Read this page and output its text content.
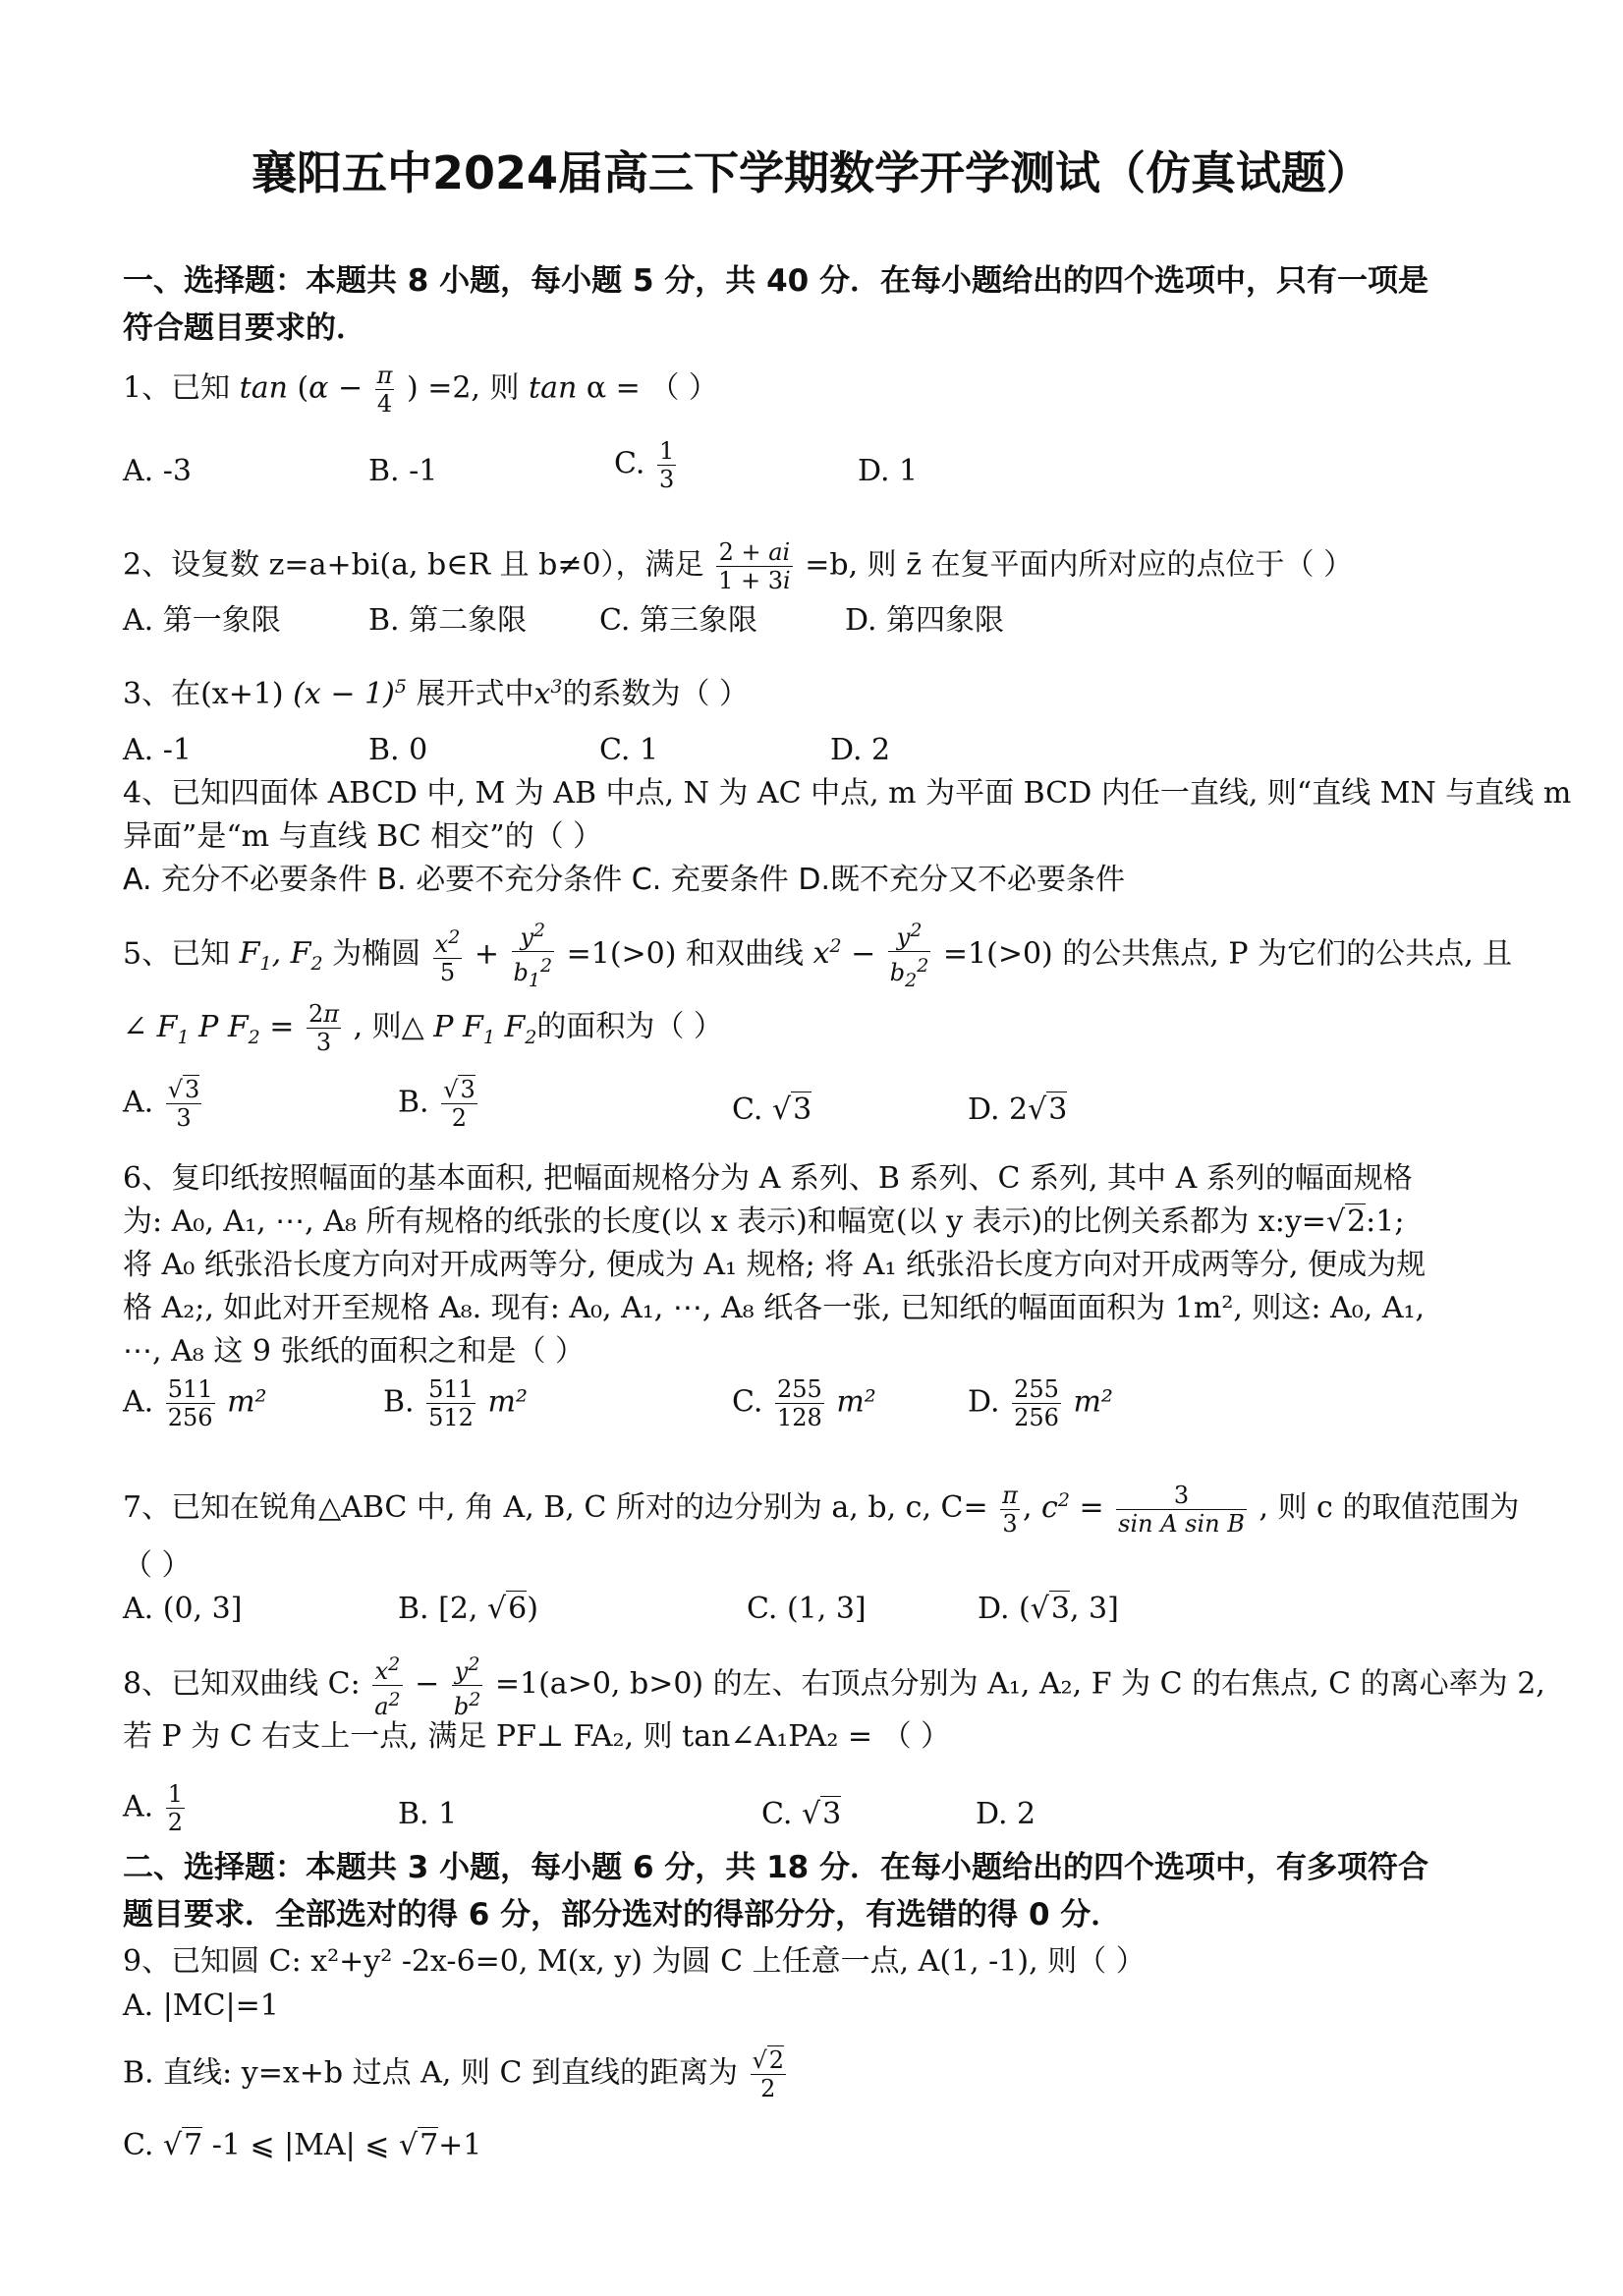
襄阳五中2024届高三下学期数学开学测试（仿真试题）
一、选择题：本题共 8 小题，每小题 5 分，共 40 分．在每小题给出的四个选项中，只有一项是
符合题目要求的．
1、已知 $\tan (\alpha - \frac{\pi}{4}$ ) =2, 则 tan α = （ ）
A. -3	B. -1	C. $\frac{1}{3}$	D. 1
2、设复数 z=a+bi(a, b∈R 且 b≠0），满足 $\frac{2 + ai}{1 + 3i} =b$, 则 z̄ 在复平面内所对应的点位于（ ）
A. 第一象限	B. 第二象限 C. 第三象限	D. 第四象限
3、在(x+1) $(x - 1)^5$ 展开式中$x^3$的系数为（ ）
A. -1	B. 0	C. 1	D. 2
4、已知四面体 ABCD 中, M 为 AB 中点, N 为 AC 中点, m 为平面 BCD 内任一直线, 则“直线 MN 与直线 m
异面”是“m 与直线 BC 相交”的（ ）
A. 充分不必要条件 B. 必要不充分条件 C. 充要条件 D.既不充分又不必要条件
5、已知 $F_1$, $F_2$ 为椭圆 $\frac{x^2}{5} + \frac{y^2}{b_1^2} =1(>0)$ 和双曲线 $x^2 - \frac{y^2}{b_2^2} =1(>0)$ 的公共焦点, P 为它们的公共点, 且
∠ $F_1$ P $F_2 = \frac{2\pi}{3}$ , 则△ P $F_1$ $F_2$的面积为（ ）
A. $\frac{√3}{3}$	B. $\frac{√3}{2}$	C. √3	D. 2√3
6、复印纸按照幅面的基本面积, 把幅面规格分为 A 系列、B 系列、C 系列, 其中 A 系列的幅面规格
为: A₀, A₁, ⋯, A₈ 所有规格的纸张的长度(以 x 表示)和幅宽(以 y 表示)的比例关系都为 x:y=√2:1;
将 A₀ 纸张沿长度方向对开成两等分, 便成为 A₁ 规格; 将 A₁ 纸张沿长度方向对开成两等分, 便成为规
格 A₂;, 如此对开至规格 A₈. 现有: A₀, A₁, ⋯, A₈ 纸各一张, 已知纸的幅面面积为 1m², 则这: A₀, A₁,
⋯, A₈ 这 9 张纸的面积之和是（ ）
A. $\frac{511}{256} m^2$	B. $\frac{511}{512} m^2$	C. $\frac{255}{128} m^2$	D. $\frac{255}{256} m^2$
7、已知在锐角△ABC 中, 角 A, B, C 所对的边分别为 a, b, c, $C= \frac{\pi}{3}$ , $c^2 = \frac{3}{\text{sin A sin B}}$ , 则 c 的取值范围为
（ ）
A. (0, 3]	B. [2, √6)	C. (1, 3]	D. (√3, 3]
8、已知双曲线 C: $\frac{x^2}{a^2} - \frac{y^2}{b^2} =1(a>0$, b>0) 的左、右顶点分别为 A₁, A₂, F 为 C 的右焦点, C 的离心率为 2,
若 P 为 C 右支上一点, 满足 PF⊥ FA₂, 则 tan∠A₁PA₂ = （ ）
A. $\frac{1}{2}$	B. 1	C. √3	D. 2
二、选择题：本题共 3 小题，每小题 6 分，共 18 分．在每小题给出的四个选项中，有多项符合
题目要求．全部选对的得 6 分，部分选对的得部分分，有选错的得 0 分．
9、已知圆 C: x²+y² -2x-6=0, M(x, y) 为圆 C 上任意一点, A(1, -1), 则（ ）
A. |MC|=1
B. 直线: y=x+b 过点 A, 则 C 到直线的距离为 $\frac{√2}{2}$
C. √7 -1 ⩽ |MA| ⩽ √7+1
